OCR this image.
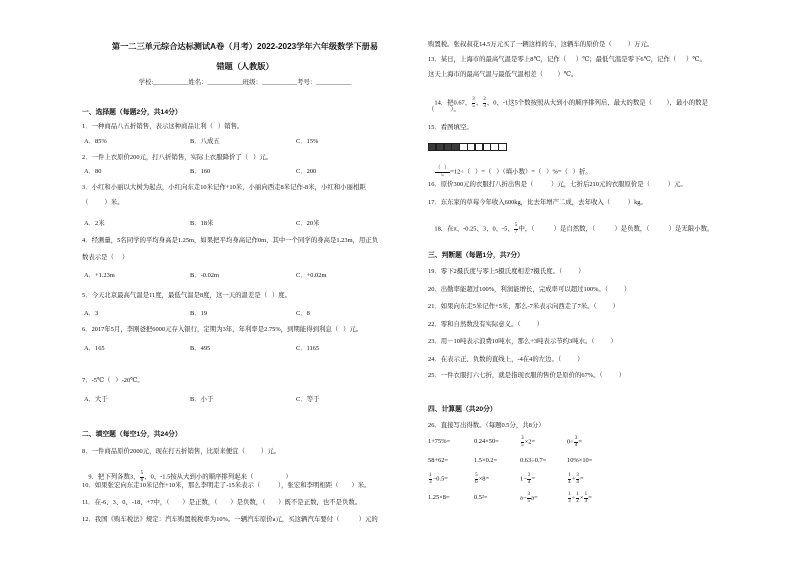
第一二三单元综合达标测试A卷（月考）2022-2023学年六年级数学下册易
错题（人教版）
学校:___________姓名：___________班级：___________考号：___________
一、选择题（每题2分，共14分）
1．一种商品八五折销售，表示这种商品让利（   ）销售。
A．85%	B．八成五	C．15%
2．一件上衣原价200元，打八折销售，实际上衣服降价了（   ）元。
A．80	B．160	C．200
3．小红和小丽以大树为起点，小红向东走10米记作+10米，小丽向西走8米记作-8米，小红和小丽相距
（          ）米。
A．2米	B．18米	C．20米
4．经测量，5名同学的平均身高是1.25m，如果把平均身高记作0m，其中一个同学的身高是1.23m，用正负
数表示是（     ）
A．+1.23m	B．-0.02m	C．+0.02m
5．今天北京最高气温是11度，最低气温是8度，这一天的温差是（   ）度。
A．3	B．19	C．8
6．2017年5月，李刚爸把6000元存入银行，定期为3年，年利率是2.75%，到期能得到利息（   ）元。
A．165	B．495	C．1165
7．-5℃（   ）-20℃。
A．大于	B．小于	C．等于
二、填空题（每空1分，共24分）
8．一件商品原价2000元，现在打五折销售，比原来便宜（          ）元。

9．把下列各数3、 $\frac{5}{6}$ 、0、-1.5按从大到小的顺序排列起来（                    ）

10．如果张宏向东走10米记作+10米，那么李明走了-15米表示（           ），张宏和李明相距（        ）米。
11．在-6、3、0、-18、+7中，（        ）是正数，（        ）是负数，（        ）既不是正数，也不是负数。
12．我国《购车税法》规定：汽车购置税税率为10%。一辆汽车原价a元，买这辆汽车要付（            ）元的
购置税。张叔叔花14.5万元买了一辆这样的车，这辆车的原价是（          ）万元。
13．某日，上海市的最高气温是零上8℃，记作（      ）℃；最低气温是零下6℃，记作（      ）℃。
这天上海市的最高气温与最低气温相差（         ）℃。

14．把0.67、 $\frac{3}{5}$ 、 $\frac{2}{3}$ 、0、-1这5个数按照从大到小的顺序排列后，最大的数是（         ），最小的数是

（          ）。
15．看图填空。

$\frac{( )}{5} =12\div$（   ）=（   ）（填小数）=（   ）%=（   ）折。

16．原价300元的衣服打八折出售是（           ）元，七折后210元的衣服原价是（           ）元。
17．东东家的草莓今年收入600kg，比去年增产二成，去年收入（           ）kg。

18．在π、-0.25、3、0、-5、 $\frac{5}{7}$ 中，（            ）是自然数，（            ）是负数，（            ）是无限小数。

三、判断题（每题1分，共7分）
19．零下2摄氏度与零上5摄氏度相差7摄氏度。（          ）
20．出勤率能超过100%，利润能增长，完成率可以超过100%。（          ）
21．如果向东走5米记作+5米，那么-7米表示向西走了7米。（          ）
22．零和自然数没有实际意义。（          ）
23．用－10吨表示浪费10吨水，那么+3吨表示节约3吨水。（          ）
24．在表示正、负数的直线上，-4在4的左边。（          ）
25．一件衣服打六七折，就是指现衣服的售价是原价的67%。（          ）
四、计算题（共20分）
26．直接写出得数。（每题0.5分，共8分）
1+75%=	0.24×50=	$\frac{3}{5} \times 2=$	$0\div \frac{3}{4}$ =
58+62=	1.5×0.2=	0.63÷0.7=	10%×10=
$\frac{1}{3} -0.5=$	$\frac{5}{6} \times 8=$	$1- \frac{3}{4}$ =	$\frac{1}{4} + \frac{3}{4}$ =
1.25×8=	0.5²=	$a- \frac{3}{5} a=$	$\frac{1}{3} \div \frac{1}{2} \times \frac{1}{3}$ =
